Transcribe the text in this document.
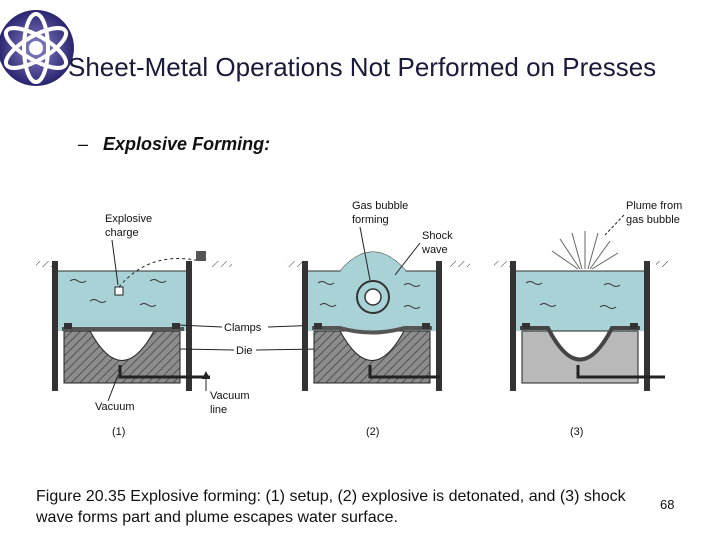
Sheet-Metal Operations Not Performed on Presses
– Explosive Forming:
Explosive
charge
Vacuum
Vacuum
line
(1)
Clamps
Die
Gas bubble
forming
Shock
wave
(2)
Plume from
gas bubble
(3)
Figure 20.35 Explosive forming: (1) setup, (2) explosive is detonated, and (3) shock wave forms part and plume escapes water surface.
68
